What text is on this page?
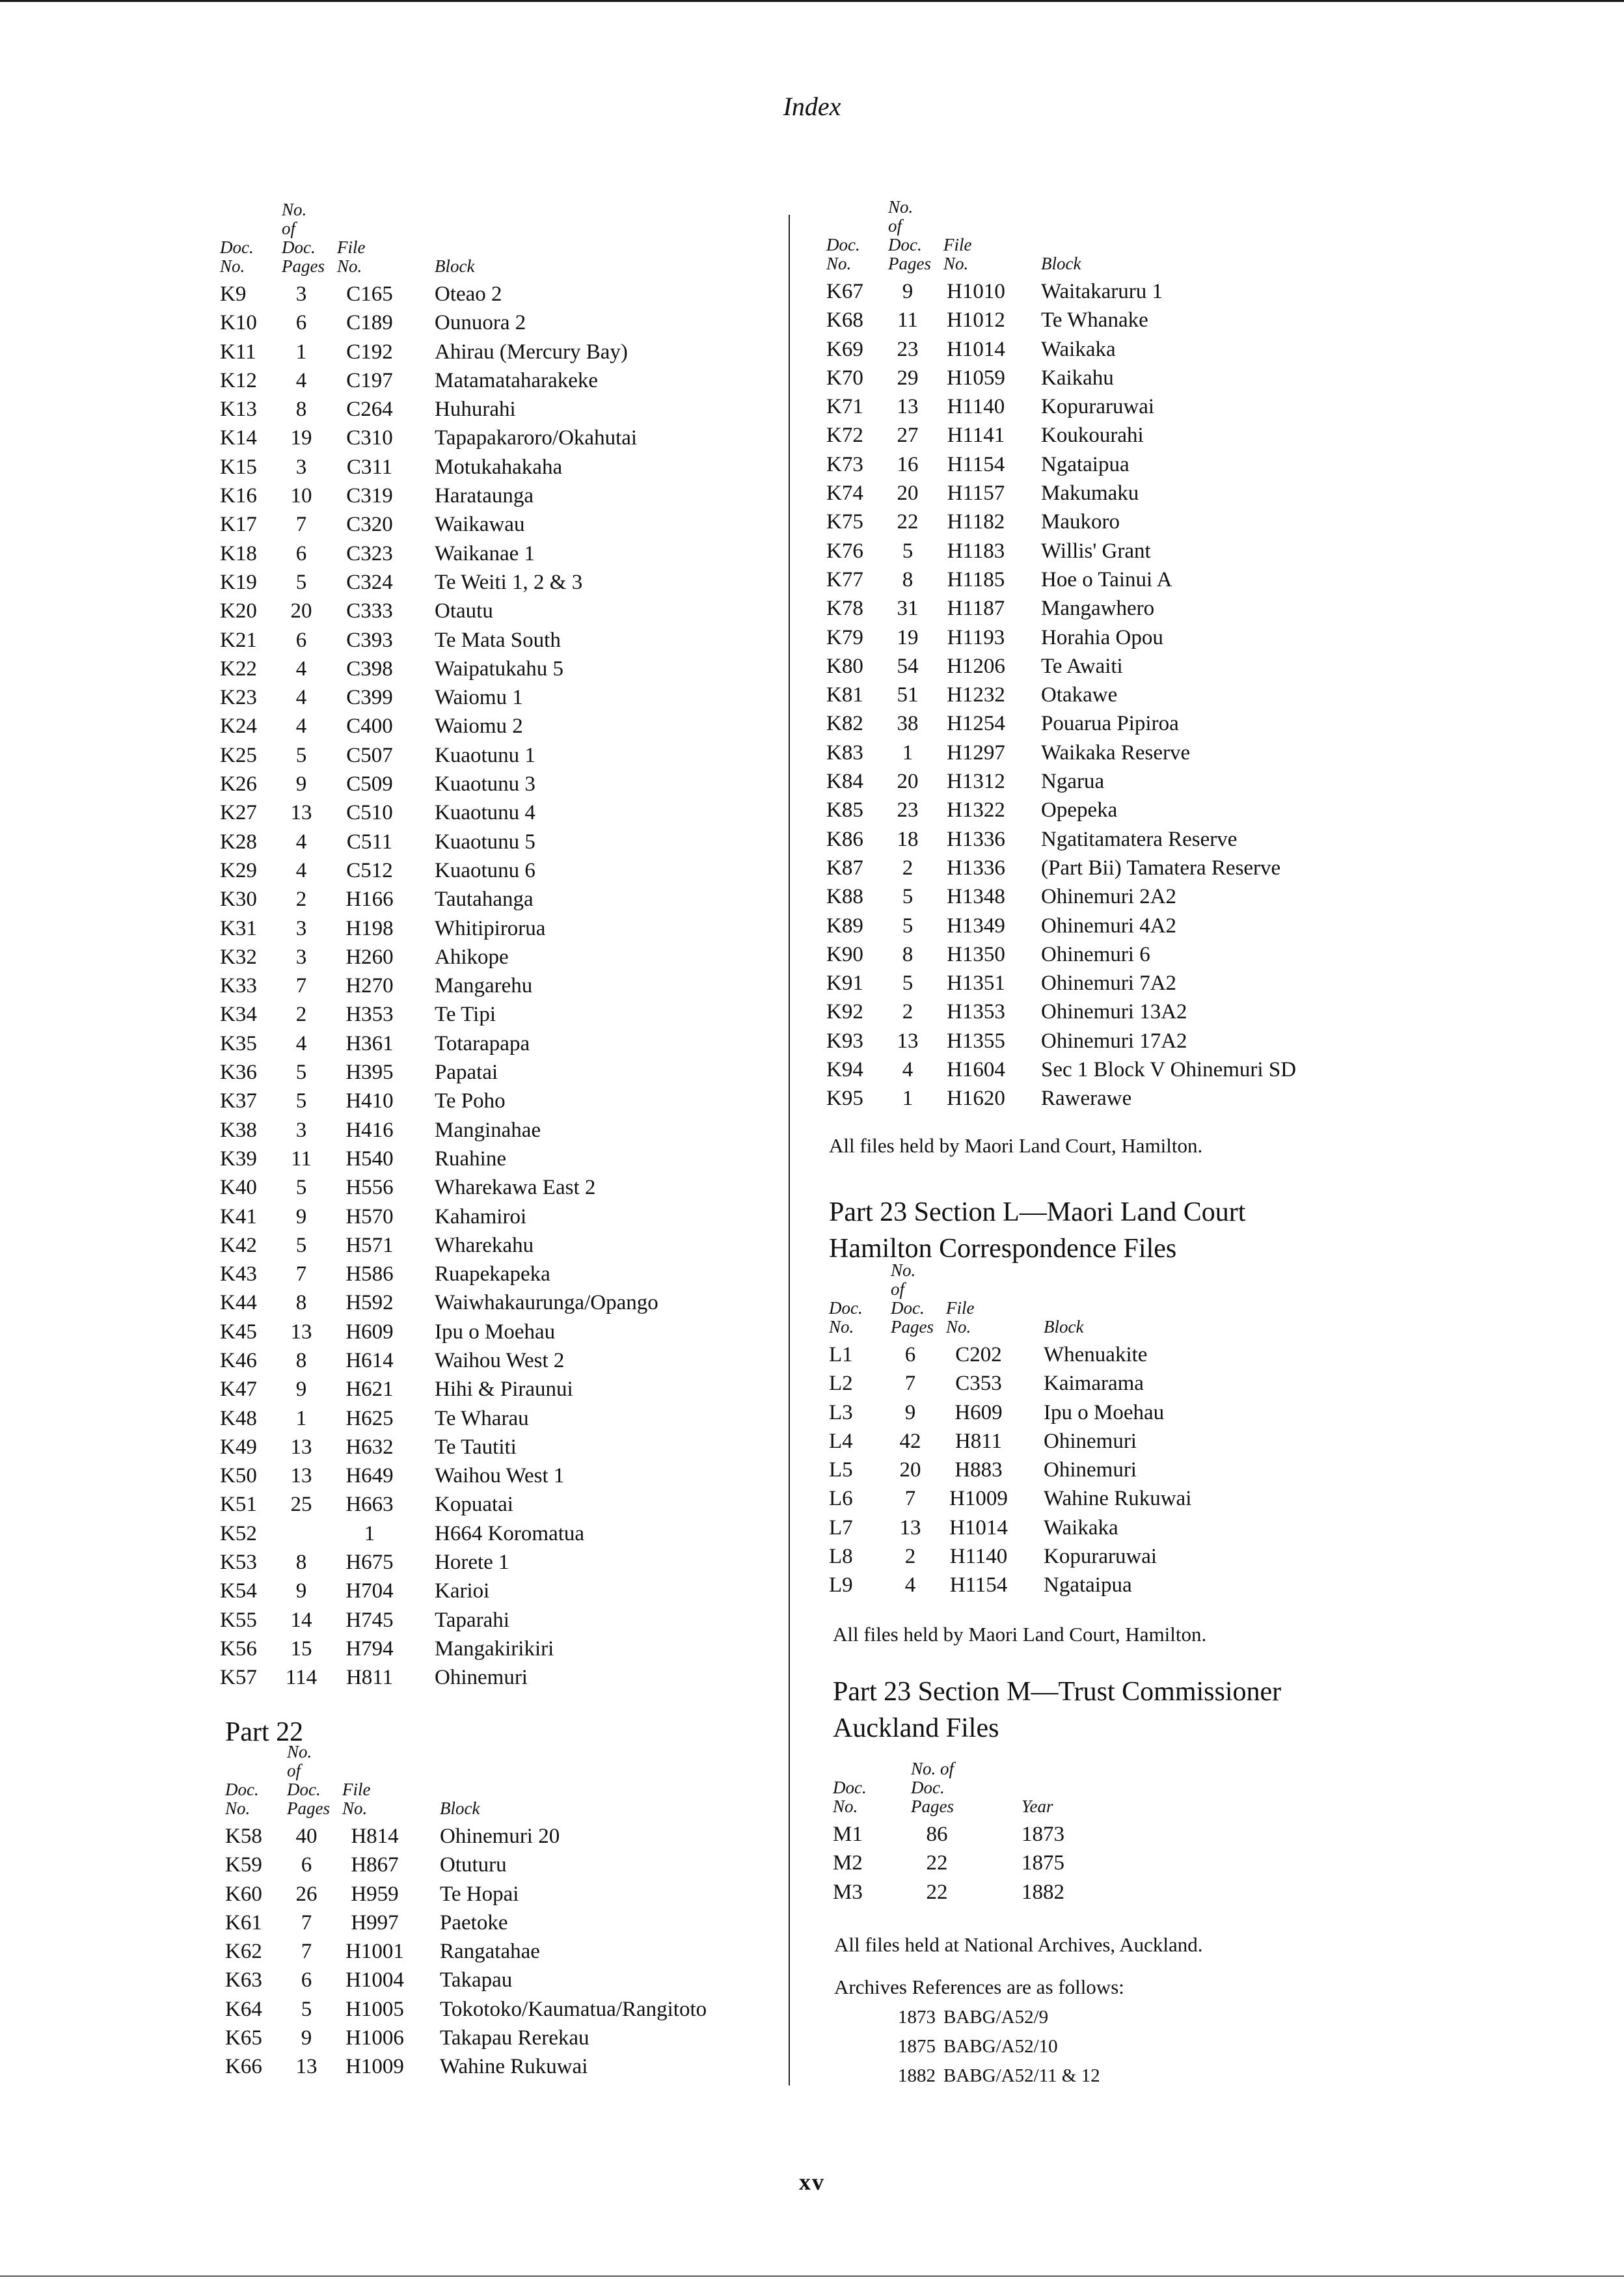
Index
Doc.
No.
No. of
Doc.
Pages
File
No.	Block
K9	3	C165	Oteao 2
K10	6	C189	Ounuora 2
K11	1	C192	Ahirau (Mercury Bay)
K12	4	C197	Matamataharakeke
K13	8	C264	Huhurahi
K14	19	C310	Tapapakaroro/Okahutai
K15	3	C311	Motukahakaha
K16	10	C319	Harataunga
K17	7	C320	Waikawau
K18	6	C323	Waikanae 1
K19	5	C324	Te Weiti 1, 2 & 3
K20	20	C333	Otautu
K21	6	C393	Te Mata South
K22	4	C398	Waipatukahu 5
K23	4	C399	Waiomu 1
K24	4	C400	Waiomu 2
K25	5	C507	Kuaotunu 1
K26	9	C509	Kuaotunu 3
K27	13	C510	Kuaotunu 4
K28	4	C511	Kuaotunu 5
K29	4	C512	Kuaotunu 6
K30	2	H166	Tautahanga
K31	3	H198	Whitipirorua
K32	3	H260	Ahikope
K33	7	H270	Mangarehu
K34	2	H353	Te Tipi
K35	4	H361	Totarapapa
K36	5	H395	Papatai
K37	5	H410	Te Poho
K38	3	H416	Manginahae
K39	11	H540	Ruahine
K40	5	H556	Wharekawa East 2
K41	9	H570	Kahamiroi
K42	5	H571	Wharekahu
K43	7	H586	Ruapekapeka
K44	8	H592	Waiwhakaurunga/Opango
K45	13	H609	Ipu o Moehau
K46	8	H614	Waihou West 2
K47	9	H621	Hihi & Piraunui
K48	1	H625	Te Wharau
K49	13	H632	Te Tautiti
K50	13	H649	Waihou West 1
K51	25	H663	Kopuatai
K52	1	H664 Koromatua
K53	8	H675	Horete 1
K54	9	H704	Karioi
K55	14	H745	Taparahi
K56	15	H794	Mangakirikiri
K57	114	H811	Ohinemuri
Part 22
Doc.
No.
No. of
Doc.
Pages
File
No.	Block
K58	40	H814	Ohinemuri 20
K59	6	H867	Otuturu
K60	26	H959	Te Hopai
K61	7	H997	Paetoke
K62	7	H1001 Rangatahae
K63	6	H1004 Takapau
K64	5	H1005 Tokotoko/Kaumatua/Rangitoto
K65	9	H1006 Takapau Rerekau
K66	13	H1009 Wahine Rukuwai
Doc.
No.
No. of
Doc.
Pages
File
No.	Block
K67	9	H1010 Waitakaruru 1
K68	11	H1012 Te Whanake
K69	23	H1014 Waikaka
K70	29	H1059 Kaikahu
K71	13	H1140 Kopuraruwai
K72	27	H1141 Koukourahi
K73	16	H1154 Ngataipua
K74	20	H1157 Makumaku
K75	22	H1182 Maukoro
K76	5	H1183 Willis' Grant
K77	8	H1185 Hoe o Tainui A
K78	31	H1187 Mangawhero
K79	19	H1193 Horahia Opou
K80	54	H1206 Te Awaiti
K81	51	H1232 Otakawe
K82	38	H1254 Pouarua Pipiroa
K83	1	H1297 Waikaka Reserve
K84	20	H1312 Ngarua
K85	23	H1322 Opepeka
K86	18	H1336 Ngatitamatera Reserve
K87	2	H1336 (Part Bii) Tamatera Reserve
K88	5	H1348 Ohinemuri 2A2
K89	5	H1349 Ohinemuri 4A2
K90	8	H1350 Ohinemuri 6
K91	5	H1351 Ohinemuri 7A2
K92	2	H1353 Ohinemuri 13A2
K93	13	H1355 Ohinemuri 17A2
K94	4	H1604 Sec 1 Block V Ohinemuri SD
K95	1	H1620 Rawerawe
All files held by Maori Land Court, Hamilton.
Part 23 Section L—Maori Land Court
Hamilton Correspondence Files
Doc.
No.
No. of
Doc.
Pages
File
No.	Block
L1	6	C202	Whenuakite
L2	7	C353	Kaimarama
L3	9	H609	Ipu o Moehau
L4	42	H811	Ohinemuri
L5	20	H883	Ohinemuri
L6	7	H1009 Wahine Rukuwai
L7	13	H1014 Waikaka
L8	2	H1140 Kopuraruwai
L9	4	H1154 Ngataipua
All files held by Maori Land Court, Hamilton.
Part 23 Section M—Trust Commissioner
Auckland Files
Doc.
No.
No. of
Doc.
Pages	Year
M1	86	1873
M2	22	1875
M3	22	1882
All files held at National Archives, Auckland.
Archives References are as follows:
1873 BABG/A52/9
1875 BABG/A52/10
1882 BABG/A52/11 & 12
xv
